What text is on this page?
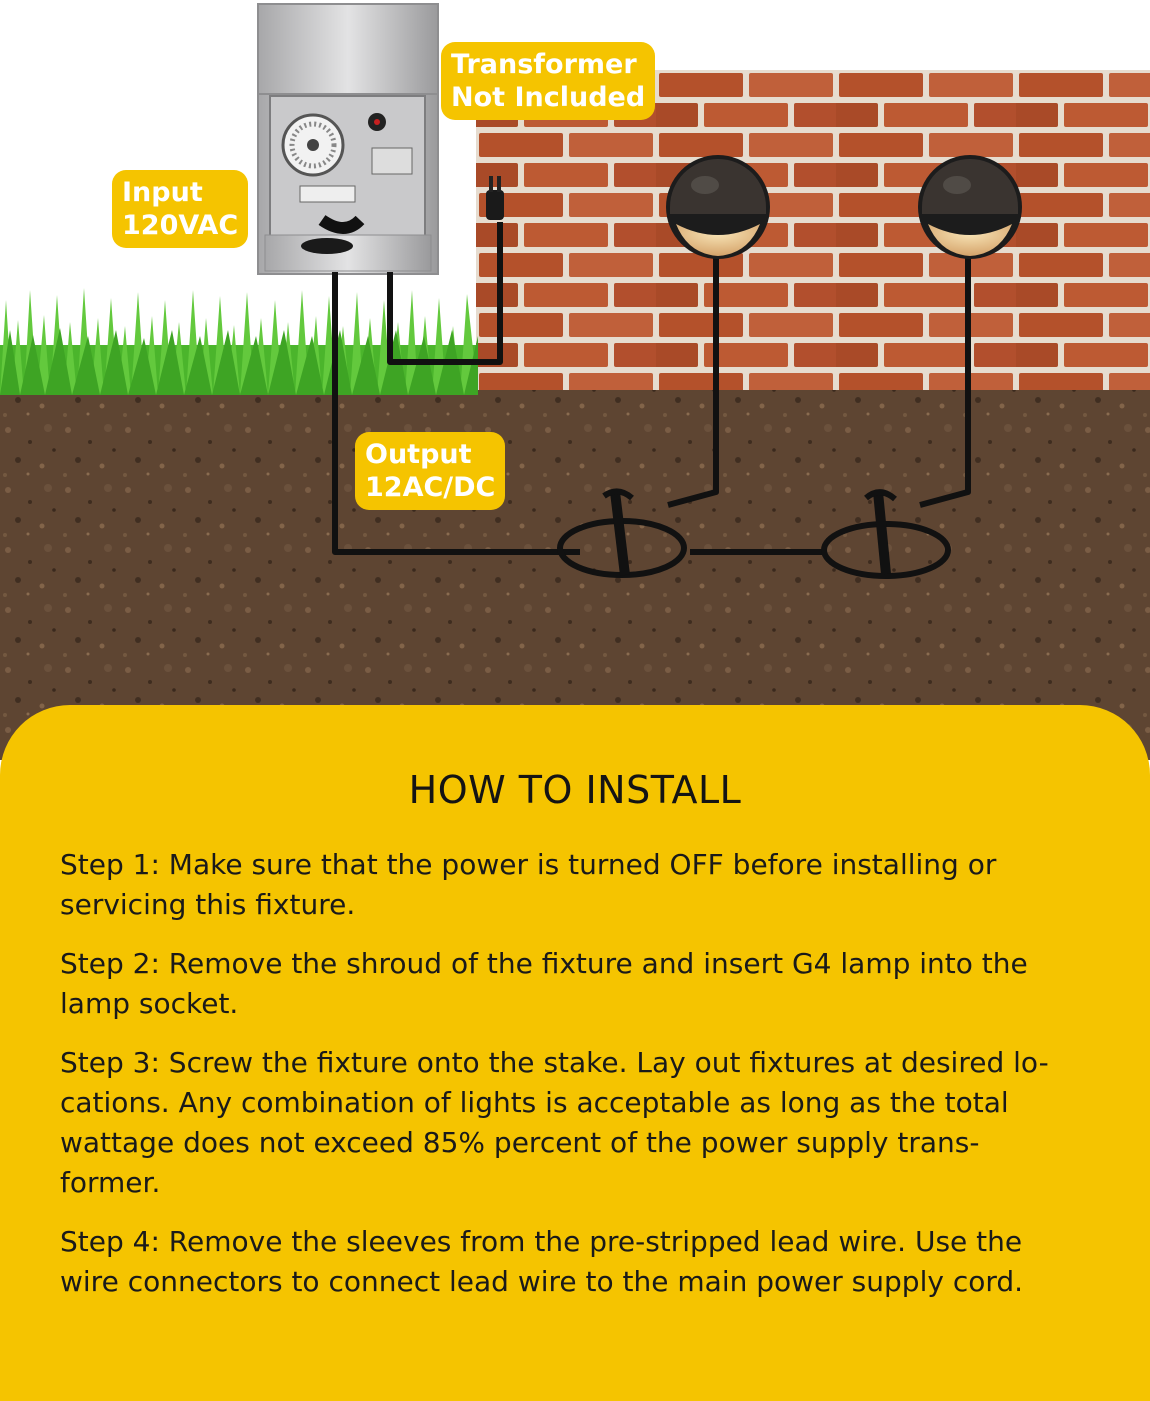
Transformer
Not Included
Input
120VAC
Output
12AC/DC
HOW TO INSTALL

Step 1: Make sure that the power is turned OFF before installing or
servicing this fixture.

Step 2: Remove the shroud of the fixture and insert G4 lamp into the
lamp socket.

Step 3: Screw the fixture onto the stake. Lay out fixtures at desired lo-
cations. Any combination of lights is acceptable as long as the total
wattage does not exceed 85% percent of the power supply trans-
former.

Step 4: Remove the sleeves from the pre-stripped lead wire. Use the
wire connectors to connect lead wire to the main power supply cord.
